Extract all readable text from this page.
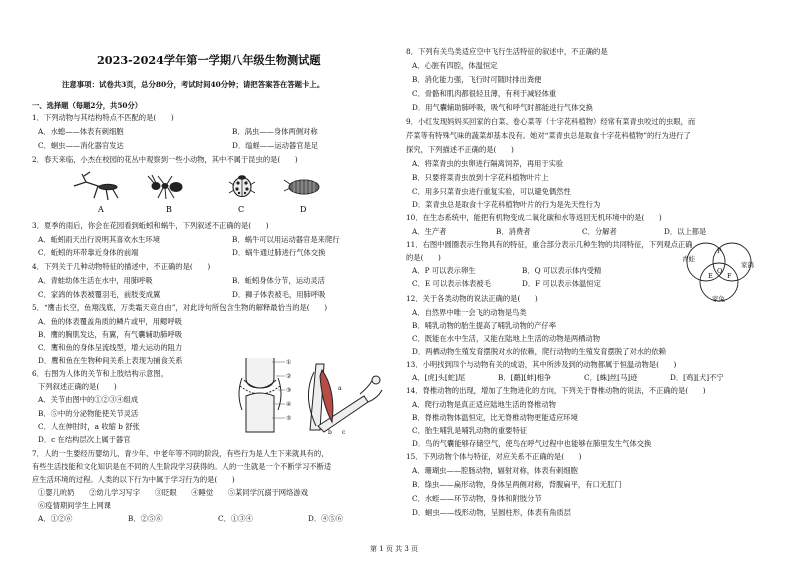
2023-2024学年第一学期八年级生物测试题
注意事项：试卷共3页，总分80分，考试时间40分钟；请把答案答在答题卡上。
一、选择题（每题2分，共50分）
1．下列动物与其结构特点不匹配的是(　　)
A．水螅——体表有刺细胞	B．涡虫——身体两侧对称
C．蛔虫——消化器官发达	D．缢蛏——运动器官是足
2．春天来临，小杰在校园的花丛中观察到一些小动物，其中不属于昆虫的是(　　)
A	B	C	D
3．夏季的雨后，你会在花园看到蚯蚓和蜗牛，下列叙述不正确的是(　　)
A．蚯蚓雨天出行说明其喜欢水生环境	B．蜗牛可以用运动器官是来爬行
C．蚯蚓的环带靠近身体的前端	D．蜗牛通过肺进行气体交换
4．下列关于几种动物特征的描述中，不正确的是(　　)
A．青蛙幼体生活在水中，用肺呼吸	B．蚯蚓身体分节，运动灵活
C．家鸽的体表被覆羽毛，前肢变成翼	D．狮子体表被毛，用肺呼吸
5．“鹰击长空，鱼翔浅底，万类霜天竞自由”，对此诗句所包含生物的解释最恰当的是(　　)
A．鱼的体表覆盖角质的鳞片或甲，用鳃呼吸
B．鹰的胸肌发达，有翼，有气囊辅助肺呼吸
C．鹰和鱼的身体呈流线型，增大运动的阻力
D．鹰和鱼在生物种间关系上表现为捕食关系
6．右图为人体的关节和上肢结构示意图，
下列叙述正确的是(　　)
A．关节由图中的①②③④组成
B．⑤中的分泌物能使关节灵活
C．人在伸肘时，a 收缩 b 舒张
D．c 在结构层次上属于器官
①
②
③
④
⑤
a
b c
7．人的一生要经历婴幼儿、青少年、中老年等不同的阶段，有些行为是人生下来就具有的，
有些生活技能和文化知识是在不同的人生阶段学习获得的。人的一生就是一个不断学习不断适
应生活环境的过程。人类的以下行为中属于学习行为的是(　　)
①婴儿吮奶　　②幼儿学习写字　　③眨眼　　④睡觉　　⑤某同学沉溺于网络游戏
⑥疫情期间学生上网课
A．①②⑥	B．②⑤⑥	C．①③④	D．④⑤⑥
8．下列有关鸟类适应空中飞行生活特征的叙述中，不正确的是
A．心脏有四腔，体温恒定
B．消化能力强，飞行时可随时排出粪便
C．骨骼和肌肉都很轻且薄，有利于减轻体重
D．用气囊辅助肺呼吸，吸气和呼气时都能进行气体交换
9．小红发现妈妈买回家的白菜、卷心菜等（十字花科植物）经常有菜青虫咬过的虫眼，而
芹菜等有特殊气味的蔬菜却基本没有。她对“菜青虫总是取食十字花科植物”的行为进行了
探究，下列描述不正确的是(　　)
A．将菜青虫的虫卵进行隔离饲养，再用于实验
B．只要将菜青虫放到十字花科植物叶片上
C．用多只菜青虫进行重复实验，可以避免偶然性
D．菜青虫总是取食十字花科植物叶片的行为是先天性行为
10．在生态系统中，能把有机物变成二氧化碳和水等返回无机环境中的是(　　)
A．生产者	B．消费者	C．分解者	D．以上都是
11．右图中圆圈表示生物具有的特征，重合部分表示几种生物的共同特征，下列观点正确
的是(　　)
A．P 可以表示卵生	B．Q 可以表示体内受精
C．E 可以表示体表被毛	D．F 可以表示体温恒定
青蛙
家鸽
家兔
P
Q
E F
12．关于各类动物的说法正确的是(　　)
A．自然界中唯一会飞的动物是鸟类
B．哺乳动物的胎生提高了哺乳动物的产仔率
C．既能在水中生活，又能在陆地上生活的动物是两栖动物
D．两栖动物生殖发育摆脱对水的依赖，爬行动物的生殖发育摆脱了对水的依赖
13．小明找到四个与动物有关的成语，其中所涉及到的动物都属于恒温动物是(　　)
A．[虎]头[蛇]尾	B．[鹬][蚌]相争	C．[蛛]丝[马]迹	D．[鸡][犬]不宁
14．脊椎动物的出现，增加了生物进化的方向，下列关于脊椎动物的说法，不正确的是(　　)
A．爬行动物是真正适应陆地生活的脊椎动物
B．脊椎动物体温恒定，比无脊椎动物更能适应环境
C．胎生哺乳是哺乳动物的重要特征
D．鸟的气囊能够存储空气，使鸟在呼气过程中也能够在肺里发生气体交换
15．下列动物个体与特征，对应关系不正确的是(　　)
A．珊瑚虫——腔肠动物，辐射对称，体表有刺细胞
B．绦虫——扁形动物，身体呈两侧对称，背腹扁平，有口无肛门
C．水蛭——环节动物，身体和附肢分节
D．蛔虫——线形动物，呈圆柱形，体表有角质层
第 1 页 共 3 页
